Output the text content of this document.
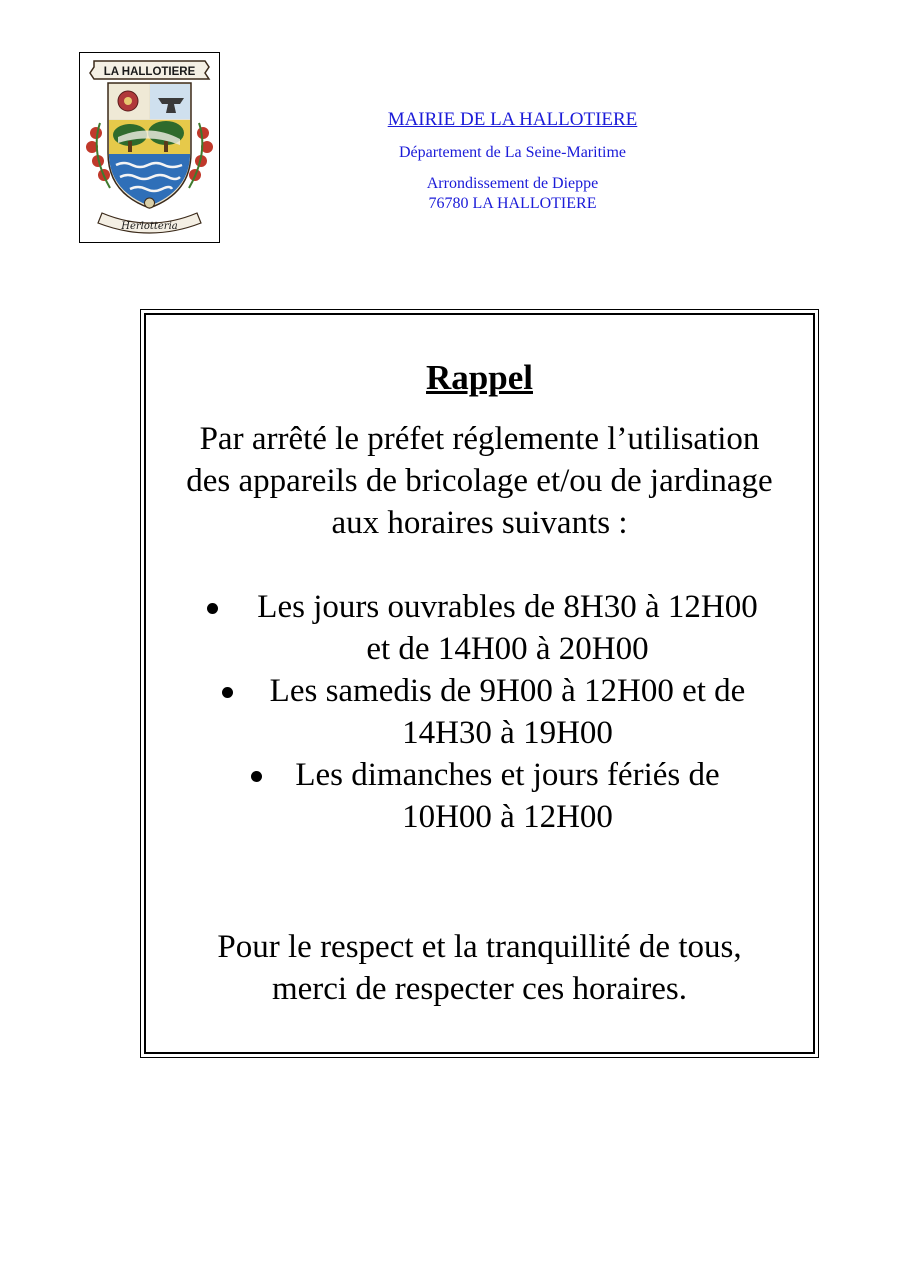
LA HALLOTIERE
Herlotteria

MAIRIE DE LA HALLOTIERE

Département de La Seine-Maritime

Arrondissement de Dieppe

76780 LA HALLOTIERE

Rappel

Par arrêté le préfet réglemente l’utilisation
des appareils de bricolage et/ou de jardinage
aux horaires suivants :

Les jours ouvrables de 8H30 à 12H00
et de 14H00 à 20H00
Les samedis de 9H00 à 12H00 et de
14H30 à 19H00
Les dimanches et jours fériés de
10H00 à 12H00

Pour le respect et la tranquillité de tous,
merci de respecter ces horaires.
